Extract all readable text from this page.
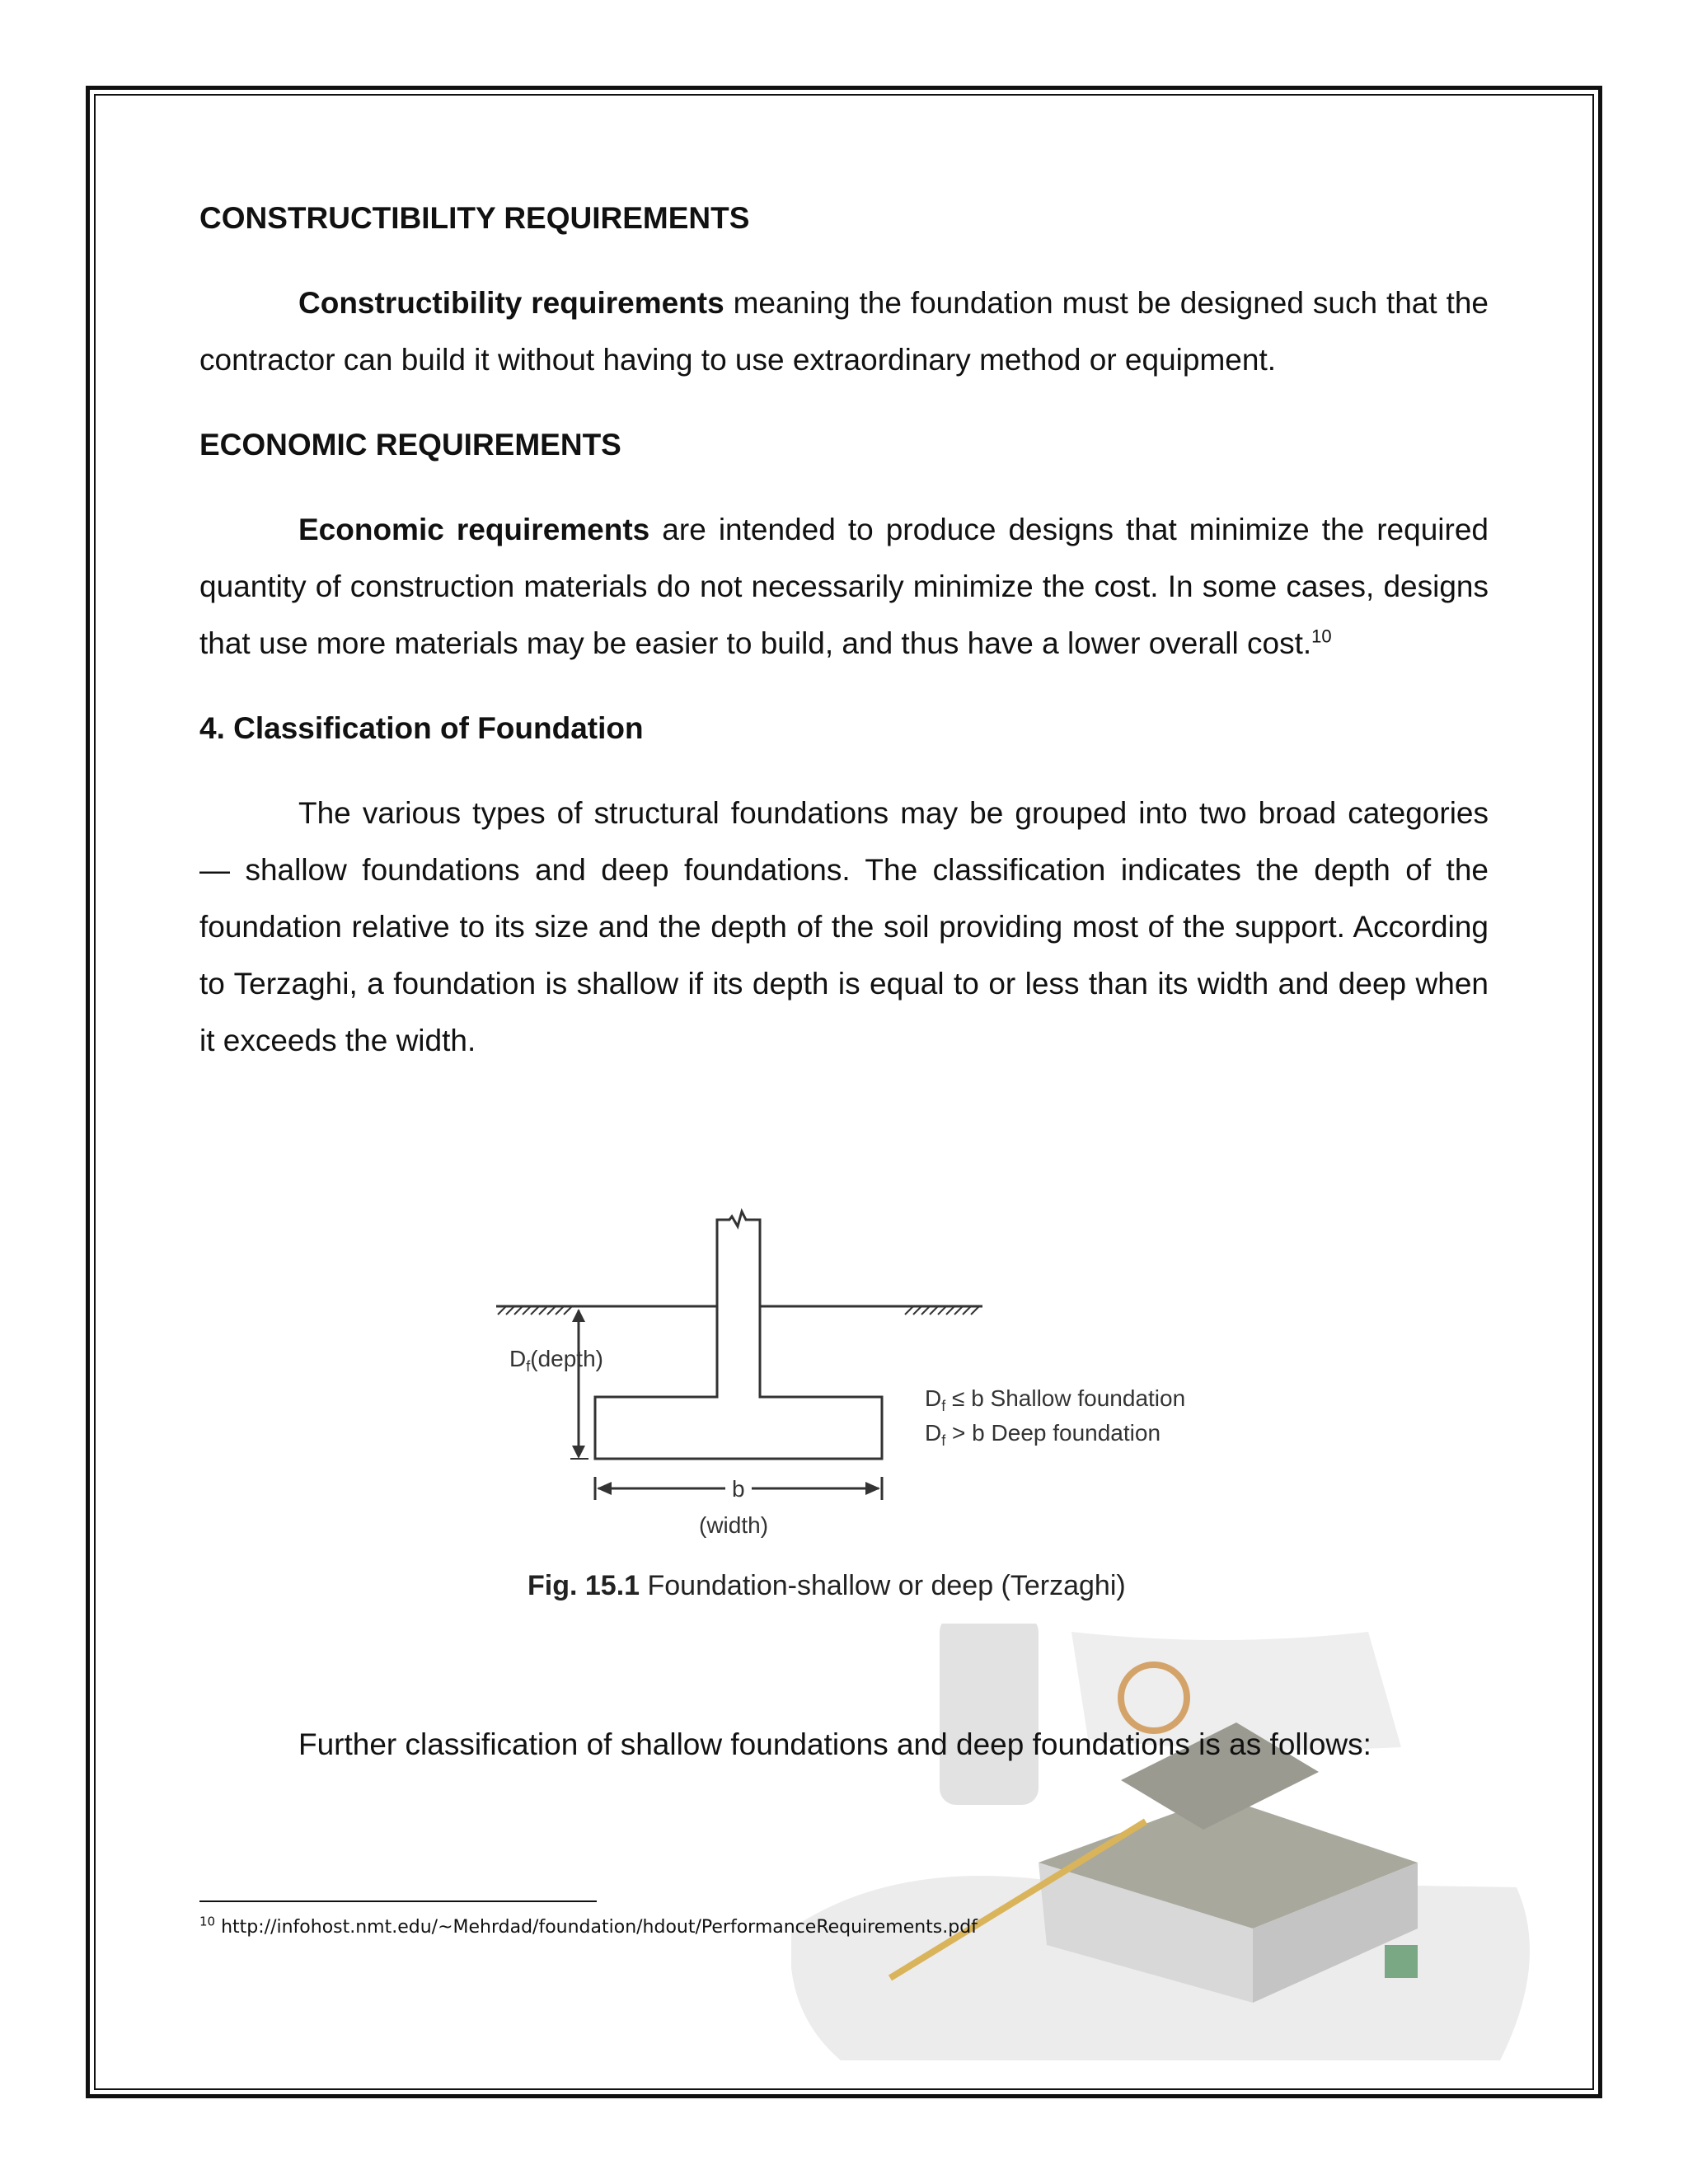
CONSTRUCTIBILITY REQUIREMENTS

Constructibility requirements meaning the foundation must be designed such that the contractor can build it without having to use extraordinary method or equipment.

ECONOMIC REQUIREMENTS

Economic requirements are intended to produce designs that minimize the required quantity of construction materials do not necessarily minimize the cost. In some cases, designs that use more materials may be easier to build, and thus have a lower overall cost.$^{10}$

4. Classification of Foundation

The various types of structural foundations may be grouped into two broad categories — shallow foundations and deep foundations. The classification indicates the depth of the foundation relative to its size and the depth of the soil providing most of the support. According to Terzaghi, a foundation is shallow if its depth is equal to or less than its width and deep when it exceeds the width.

$D_f(depth)$
b
(width)
$D_f \le b$ Shallow foundation
$D_f > b$ Deep foundation
Fig. 15.1 Foundation-shallow or deep (Terzaghi)
Further classification of shallow foundations and deep foundations is as follows:
$^{10}$ http://infohost.nmt.edu/~Mehrdad/foundation/hdout/PerformanceRequirements.pdf
